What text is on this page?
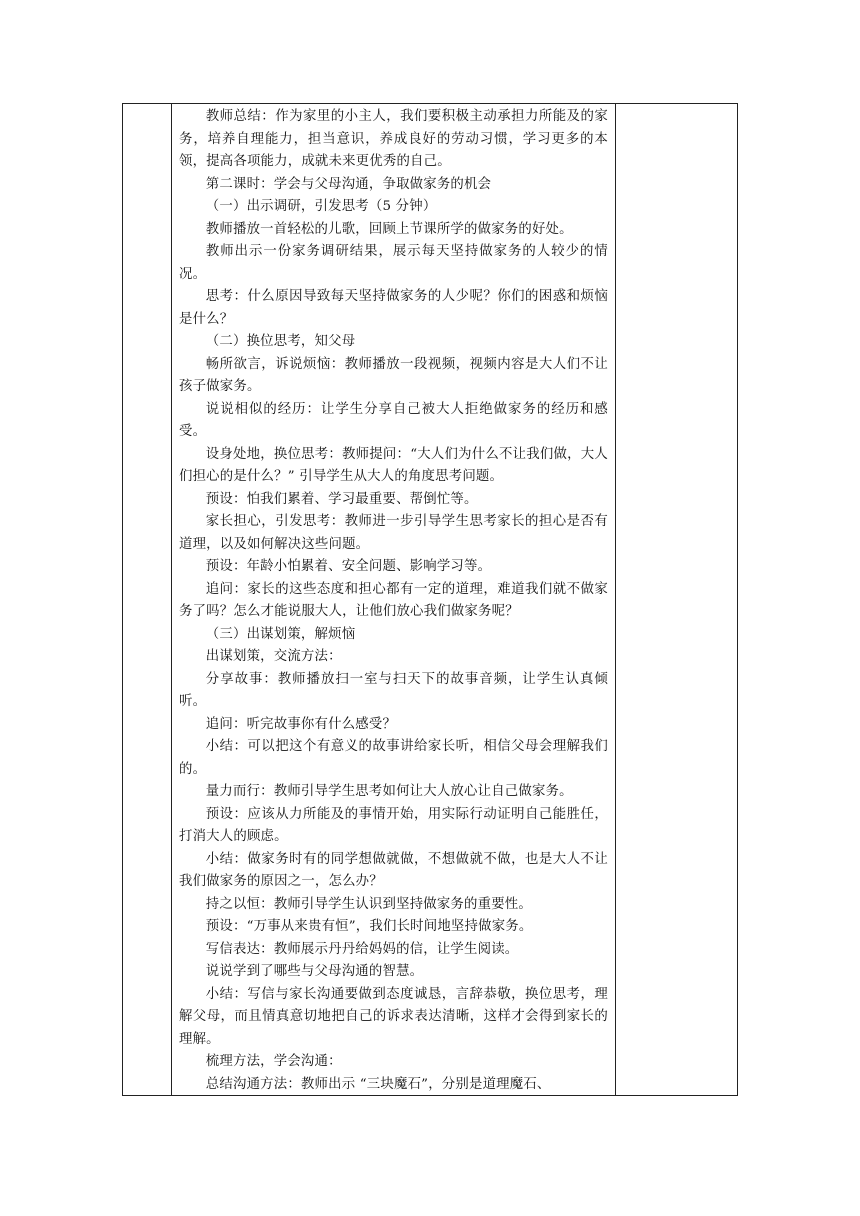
教师总结：作为家里的小主人，我们要积极主动承担力所能及的家务，培养自理能力，担当意识，养成良好的劳动习惯，学习更多的本领，提高各项能力，成就未来更优秀的自己。

第二课时：学会与父母沟通，争取做家务的机会

（一）出示调研，引发思考（5 分钟）

教师播放一首轻松的儿歌，回顾上节课所学的做家务的好处。

教师出示一份家务调研结果，展示每天坚持做家务的人较少的情况。

思考：什么原因导致每天坚持做家务的人少呢？你们的困惑和烦恼是什么？

（二）换位思考，知父母

畅所欲言，诉说烦恼：教师播放一段视频，视频内容是大人们不让孩子做家务。

说说相似的经历：让学生分享自己被大人拒绝做家务的经历和感受。

设身处地，换位思考：教师提问：“大人们为什么不让我们做，大人们担心的是什么？” 引导学生从大人的角度思考问题。

预设：怕我们累着、学习最重要、帮倒忙等。

家长担心，引发思考：教师进一步引导学生思考家长的担心是否有道理，以及如何解决这些问题。

预设：年龄小怕累着、安全问题、影响学习等。

追问：家长的这些态度和担心都有一定的道理，难道我们就不做家务了吗？怎么才能说服大人，让他们放心我们做家务呢？

（三）出谋划策，解烦恼

出谋划策，交流方法：

分享故事：教师播放扫一室与扫天下的故事音频，让学生认真倾听。

追问：听完故事你有什么感受？

小结：可以把这个有意义的故事讲给家长听，相信父母会理解我们的。

量力而行：教师引导学生思考如何让大人放心让自己做家务。

预设：应该从力所能及的事情开始，用实际行动证明自己能胜任，打消大人的顾虑。

小结：做家务时有的同学想做就做，不想做就不做，也是大人不让我们做家务的原因之一，怎么办？

持之以恒：教师引导学生认识到坚持做家务的重要性。

预设：“万事从来贵有恒”，我们长时间地坚持做家务。

写信表达：教师展示丹丹给妈妈的信，让学生阅读。

说说学到了哪些与父母沟通的智慧。

小结：写信与家长沟通要做到态度诚恳，言辞恭敬，换位思考，理解父母，而且情真意切地把自己的诉求表达清晰，这样才会得到家长的理解。

梳理方法，学会沟通：

总结沟通方法：教师出示 “三块魔石”，分别是道理魔石、
